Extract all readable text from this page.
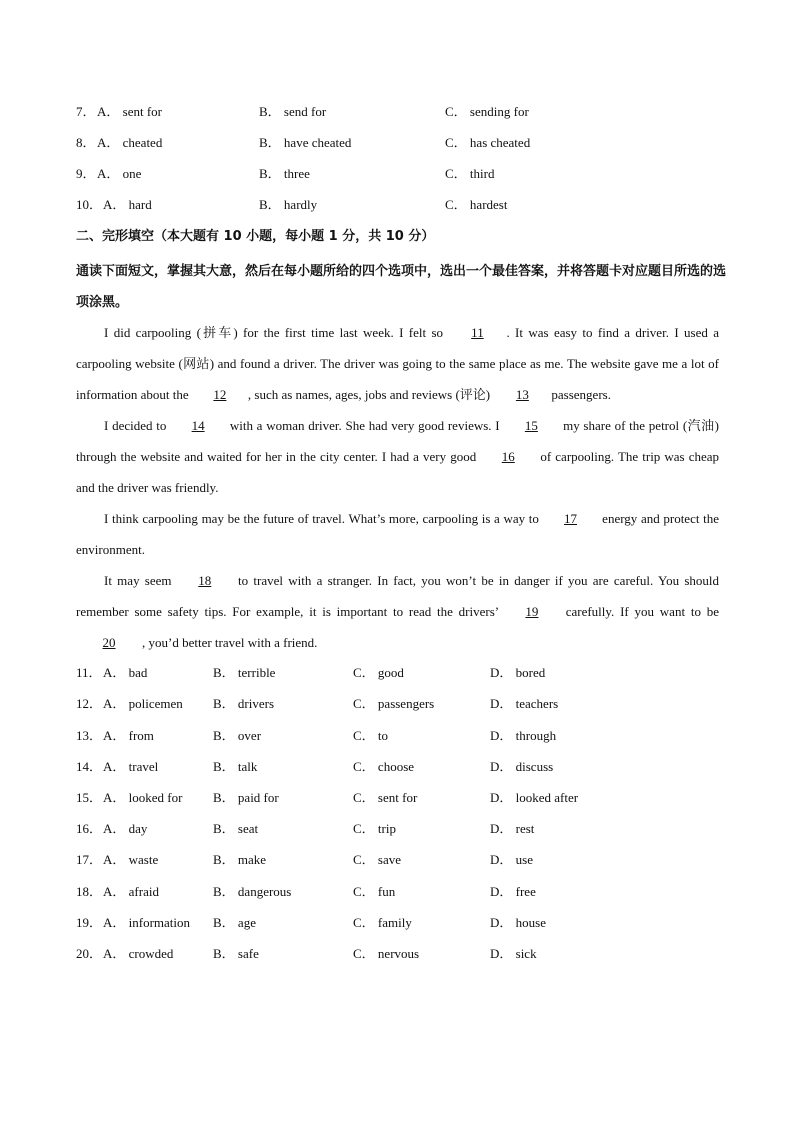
7． A． sent for	B． send for	C． sending for
8． A． cheated	B． have cheated	C． has cheated
9． A． one	B． three	C． third
10． A． hard	B． hardly	C． hardest
二、完形填空（本大题有 10 小题，每小题 1 分，共 10 分）
通读下面短文，掌握其大意，然后在每小题所给的四个选项中，选出一个最佳答案，并将答题卡对应题目所选的选项涂黑。

I did carpooling (拼车) for the first time last week. I felt so 11 . It was easy to find a driver. I used a carpooling website (网站) and found a driver. The driver was going to the same place as me. The website gave me a lot of information about the 12 , such as names, ages, jobs and reviews (评论) 13 passengers.

I decided to 14 with a woman driver. She had very good reviews. I 15 my share of the petrol (汽油) through the website and waited for her in the city center. I had a very good 16 of carpooling. The trip was cheap and the driver was friendly.

I think carpooling may be the future of travel. What’s more, carpooling is a way to 17 energy and protect the environment.

It may seem 18 to travel with a stranger. In fact, you won’t be in danger if you are careful. You should remember some safety tips. For example, it is important to read the drivers’ 19 carefully. If you want to be 20 , you’d better travel with a friend.

11． A． bad	B． terrible	C． good	D． bored
12． A． policemen B． drivers	C． passengers	D． teachers
13． A． from	B． over	C． to	D． through
14． A． travel	B． talk	C． choose	D． discuss
15． A． looked for B． paid for	C． sent for	D． looked after
16． A． day	B． seat	C． trip	D． rest
17． A． waste	B． make	C． save	D． use
18． A． afraid	B． dangerous	C． fun	D． free
19． A． information B． age	C． family	D． house
20． A． crowded	B． safe	C． nervous	D． sick
